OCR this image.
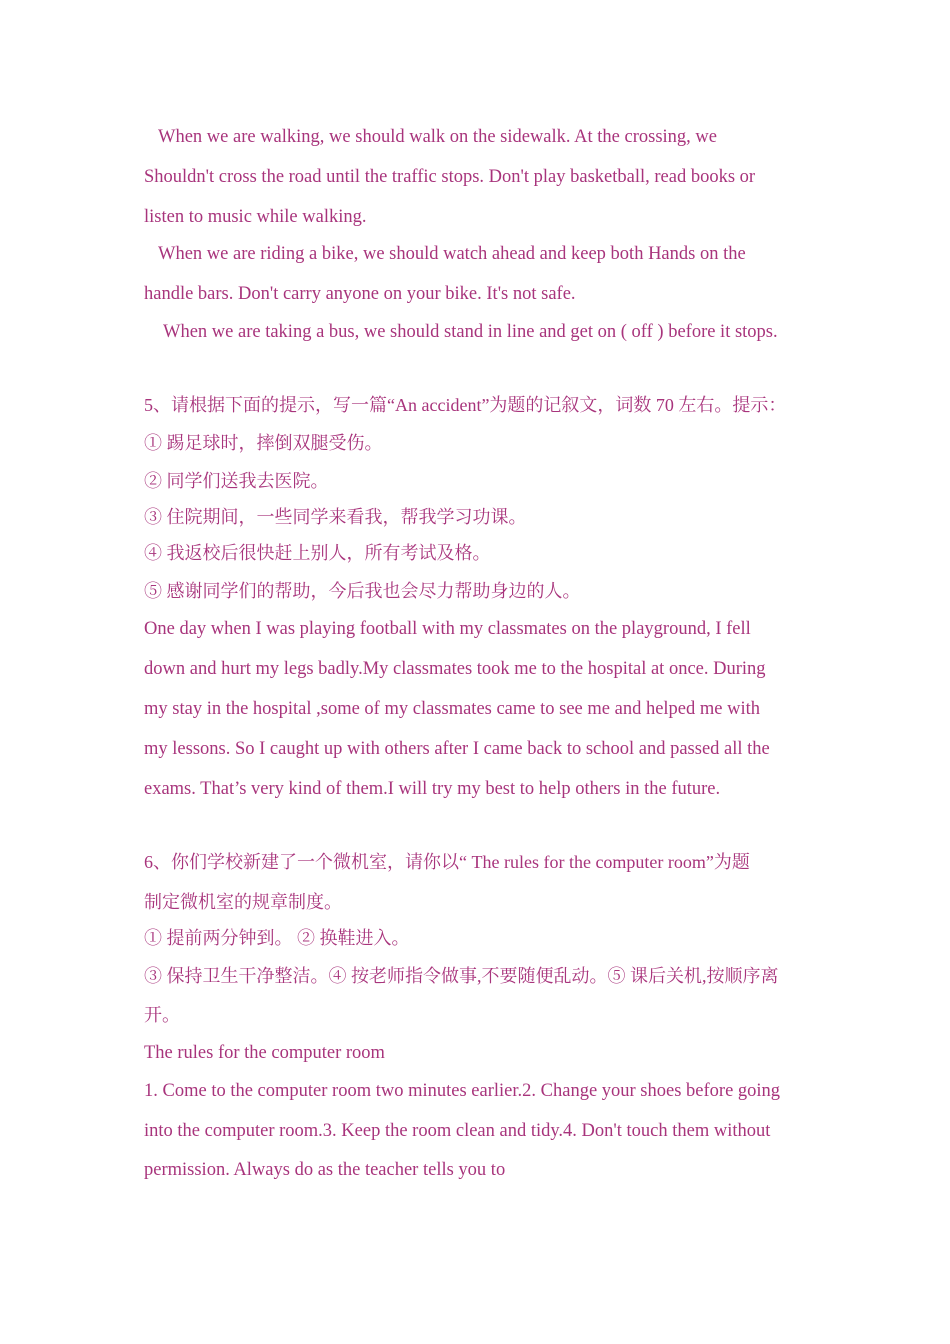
When we are walking, we should walk on the sidewalk. At the crossing, we
Shouldn't cross the road until the traffic stops. Don't play basketball, read books or
listen to music while walking.
When we are riding a bike, we should watch ahead and keep both Hands on the
handle bars. Don't carry anyone on your bike. It's not safe.
When we are taking a bus, we should stand in line and get on ( off ) before it stops.
5、请根据下面的提示，写一篇“An accident”为题的记叙文，词数 70 左右。提示：
① 踢足球时，摔倒双腿受伤。
② 同学们送我去医院。
③ 住院期间，一些同学来看我，帮我学习功课。
④ 我返校后很快赶上别人，所有考试及格。
⑤ 感谢同学们的帮助，今后我也会尽力帮助身边的人。
One day when I was playing football with my classmates on the playground, I fell
down and hurt my legs badly.My classmates took me to the hospital at once. During
my stay in the hospital ,some of my classmates came to see me and helped me with
my lessons. So I caught up with others after I came back to school and passed all the
exams. That’s very kind of them.I will try my best to help others in the future.
6、你们学校新建了一个微机室，请你以“ The rules for the computer room”为题
制定微机室的规章制度。
① 提前两分钟到。 ② 换鞋进入。
③ 保持卫生干净整洁。④ 按老师指令做事,不要随便乱动。⑤ 课后关机,按顺序离
开。
The rules for the computer room
1. Come to the computer room two minutes earlier.2. Change your shoes before going
into the computer room.3. Keep the room clean and tidy.4. Don't touch them without
permission. Always do as the teacher tells you to
